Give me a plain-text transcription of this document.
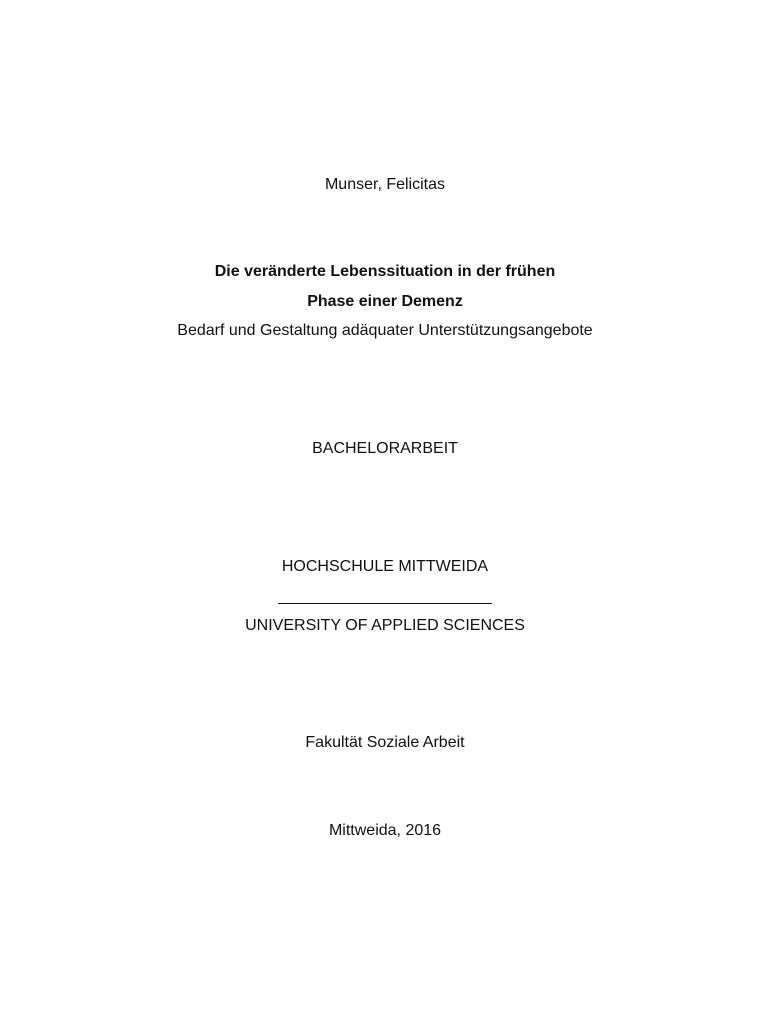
Munser, Felicitas
Die veränderte Lebenssituation in der frühen
Phase einer Demenz
Bedarf und Gestaltung adäquater Unterstützungsangebote
BACHELORARBEIT
HOCHSCHULE MITTWEIDA
________________________
UNIVERSITY OF APPLIED SCIENCES
Fakultät Soziale Arbeit
Mittweida, 2016
